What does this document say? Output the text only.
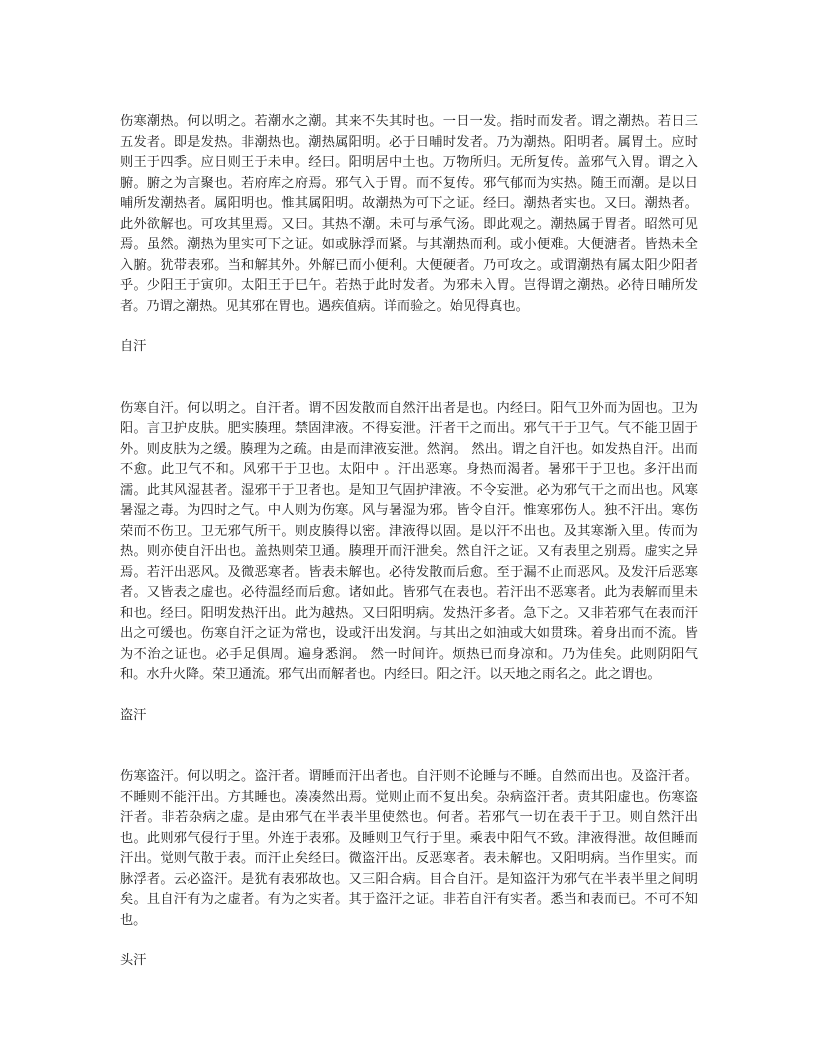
伤寒潮热。何以明之。若潮水之潮。其来不失其时也。一日一发。指时而发者。谓之潮热。若日三五发者。即是发热。非潮热也。潮热属阳明。必于日晡时发者。乃为潮热。阳明者。属胃土。应时则王于四季。应日则王于未申。经曰。阳明居中土也。万物所归。无所复传。盖邪气入胃。谓之入腑。腑之为言聚也。若府库之府焉。邪气入于胃。而不复传。邪气郁而为实热。随王而潮。是以日晡所发潮热者。属阳明也。惟其属阳明。故潮热为可下之证。经曰。潮热者实也。又曰。潮热者。此外欲解也。可攻其里焉。又曰。其热不潮。未可与承气汤。即此观之。潮热属于胃者。昭然可见焉。虽然。潮热为里实可下之证。如或脉浮而紧。与其潮热而利。或小便难。大便溏者。皆热未全入腑。犹带表邪。当和解其外。外解已而小便利。大便硬者。乃可攻之。或谓潮热有属太阳少阳者乎。少阳王于寅卯。太阳王于巳午。若热于此时发者。为邪未入胃。岂得谓之潮热。必待日晡所发者。乃谓之潮热。见其邪在胃也。遇疾值病。详而验之。始见得真也。

自汗

伤寒自汗。何以明之。自汗者。谓不因发散而自然汗出者是也。内经曰。阳气卫外而为固也。卫为阳。言卫护皮肤。肥实腠理。禁固津液。不得妄泄。汗者干之而出。邪气干于卫气。气不能卫固于外。则皮肤为之缓。腠理为之疏。由是而津液妄泄。然润。 然出。谓之自汗也。如发热自汗。出而不愈。此卫气不和。风邪干于卫也。太阳中 。汗出恶寒。身热而渴者。暑邪干于卫也。多汗出而濡。此其风湿甚者。湿邪干于卫者也。是知卫气固护津液。不令妄泄。必为邪气干之而出也。风寒暑湿之毒。为四时之气。中人则为伤寒。风与暑湿为邪。皆令自汗。惟寒邪伤人。独不汗出。寒伤荣而不伤卫。卫无邪气所干。则皮腠得以密。津液得以固。是以汗不出也。及其寒渐入里。传而为热。则亦使自汗出也。盖热则荣卫通。腠理开而汗泄矣。然自汗之证。又有表里之别焉。虚实之异焉。若汗出恶风。及微恶寒者。皆表未解也。必待发散而后愈。至于漏不止而恶风。及发汗后恶寒者。又皆表之虚也。必待温经而后愈。诸如此。皆邪气在表也。若汗出不恶寒者。此为表解而里未和也。经曰。阳明发热汗出。此为越热。又曰阳明病。发热汗多者。急下之。又非若邪气在表而汗出之可缓也。伤寒自汗之证为常也，设或汗出发润。与其出之如油或大如贯珠。着身出而不流。皆为不治之证也。必手足俱周。遍身悉润。 然一时间许。烦热已而身凉和。乃为佳矣。此则阴阳气和。水升火降。荣卫通流。邪气出而解者也。内经曰。阳之汗。以天地之雨名之。此之谓也。

盗汗

伤寒盗汗。何以明之。盗汗者。谓睡而汗出者也。自汗则不论睡与不睡。自然而出也。及盗汗者。不睡则不能汗出。方其睡也。凑凑然出焉。觉则止而不复出矣。杂病盗汗者。责其阳虚也。伤寒盗汗者。非若杂病之虚。是由邪气在半表半里使然也。何者。若邪气一切在表干于卫。则自然汗出也。此则邪气侵行于里。外连于表邪。及睡则卫气行于里。乘表中阳气不致。津液得泄。故但睡而汗出。觉则气散于表。而汗止矣经曰。微盗汗出。反恶寒者。表未解也。又阳明病。当作里实。而脉浮者。云必盗汗。是犹有表邪故也。又三阳合病。目合自汗。是知盗汗为邪气在半表半里之间明矣。且自汗有为之虚者。有为之实者。其于盗汗之证。非若自汗有实者。悉当和表而已。不可不知也。

头汗
